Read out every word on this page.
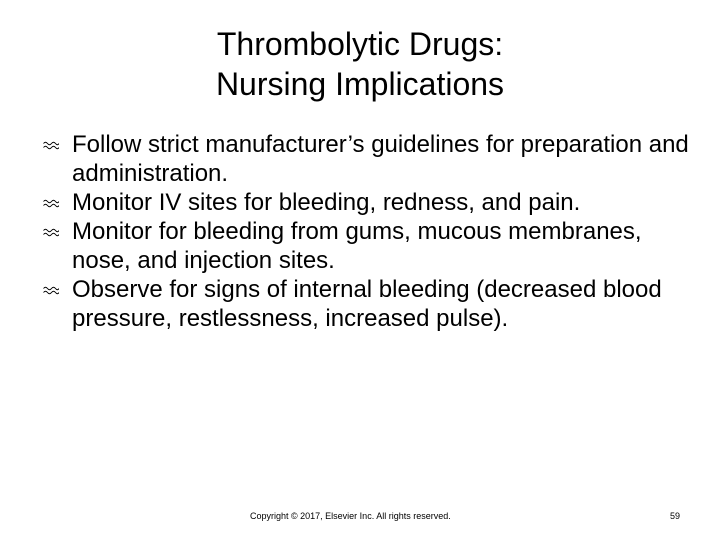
Thrombolytic Drugs:
Nursing Implications
Follow strict manufacturer’s guidelines for preparation and administration.
Monitor IV sites for bleeding, redness, and pain.
Monitor for bleeding from gums, mucous membranes, nose, and injection sites.
Observe for signs of internal bleeding (decreased blood pressure, restlessness, increased pulse).
Copyright © 2017, Elsevier Inc. All rights reserved.	59
